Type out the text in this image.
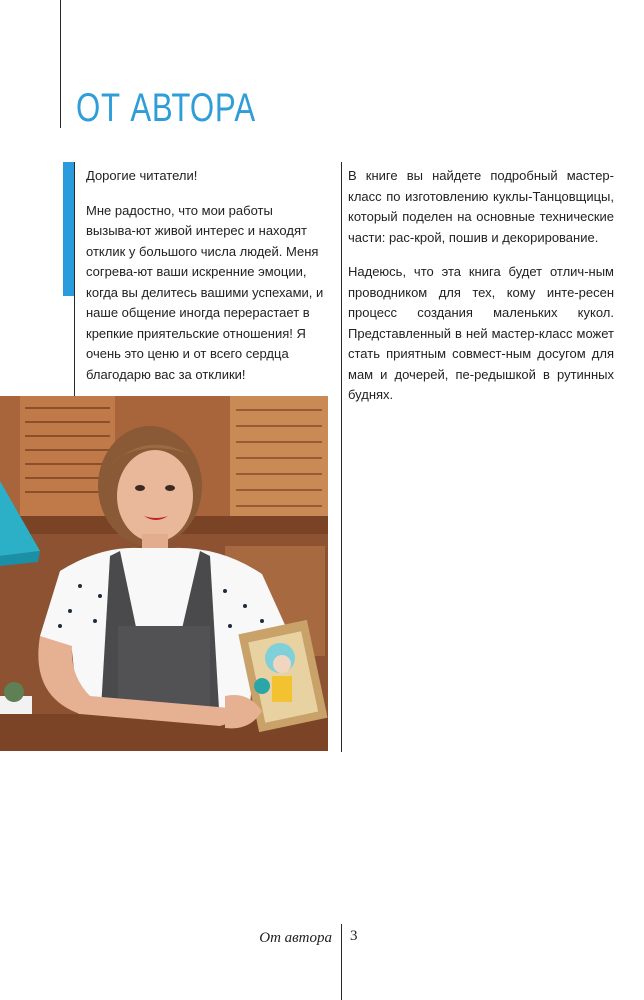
ОТ АВТОРА

Дорогие читатели!

Мне радостно, что мои работы вызыва-ют живой интерес и находят отклик у большого числа людей. Меня согрева-ют ваши искренние эмоции, когда вы делитесь вашими успехами, и наше общение иногда перерастает в крепкие приятельские отношения! Я очень это ценю и от всего сердца благодарю вас за отклики!

В книге вы найдете подробный мастер-класс по изготовлению куклы-Танцовщицы, который поделен на основные технические части: рас-крой, пошив и декорирование.

Надеюсь, что эта книга будет отлич-ным проводником для тех, кому инте-ресен процесс создания маленьких кукол. Представленный в ней мастер-класс может стать приятным совмест-ным досугом для мам и дочерей, пе-редышкой в рутинных буднях.

От автора 3
